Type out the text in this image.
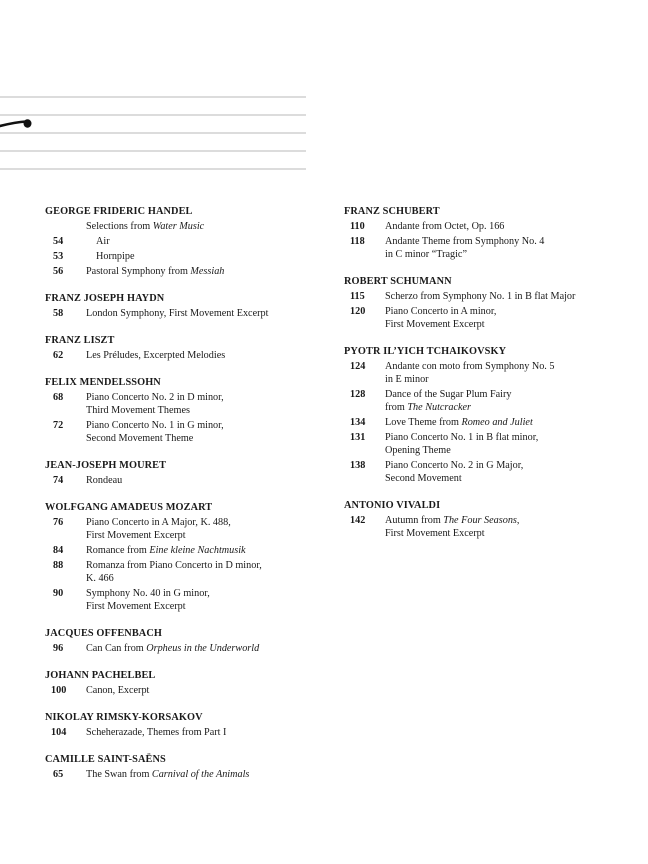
GEORGE FRIDERIC HANDEL
Selections from Water Music
54	Air
53	Hornpipe
56	Pastoral Symphony from Messiah
FRANZ JOSEPH HAYDN
58	London Symphony, First Movement Excerpt
FRANZ LISZT
62	Les Préludes, Excerpted Melodies
FELIX MENDELSSOHN
68	Piano Concerto No. 2 in D minor,
Third Movement Themes
72	Piano Concerto No. 1 in G minor,
Second Movement Theme
JEAN-JOSEPH MOURET
74	Rondeau
WOLFGANG AMADEUS MOZART
76	Piano Concerto in A Major, K. 488,
First Movement Excerpt
84	Romance from Eine kleine Nachtmusik
88	Romanza from Piano Concerto in D minor,
K. 466
90	Symphony No. 40 in G minor,
First Movement Excerpt
JACQUES OFFENBACH
96	Can Can from Orpheus in the Underworld
JOHANN PACHELBEL
100	Canon, Excerpt
NIKOLAY RIMSKY-KORSAKOV
104	Scheherazade, Themes from Part I
CAMILLE SAINT-SAËNS
65	The Swan from Carnival of the Animals
FRANZ SCHUBERT
110	Andante from Octet, Op. 166
118	Andante Theme from Symphony No. 4
in C minor “Tragic”
ROBERT SCHUMANN
115	Scherzo from Symphony No. 1 in B flat Major
120	Piano Concerto in A minor,
First Movement Excerpt
PYOTR IL’YICH TCHAIKOVSKY
124	Andante con moto from Symphony No. 5
in E minor
128	Dance of the Sugar Plum Fairy
from The Nutcracker
134	Love Theme from Romeo and Juliet
131	Piano Concerto No. 1 in B flat minor,
Opening Theme
138	Piano Concerto No. 2 in G Major,
Second Movement
ANTONIO VIVALDI
142	Autumn from The Four Seasons,
First Movement Excerpt
